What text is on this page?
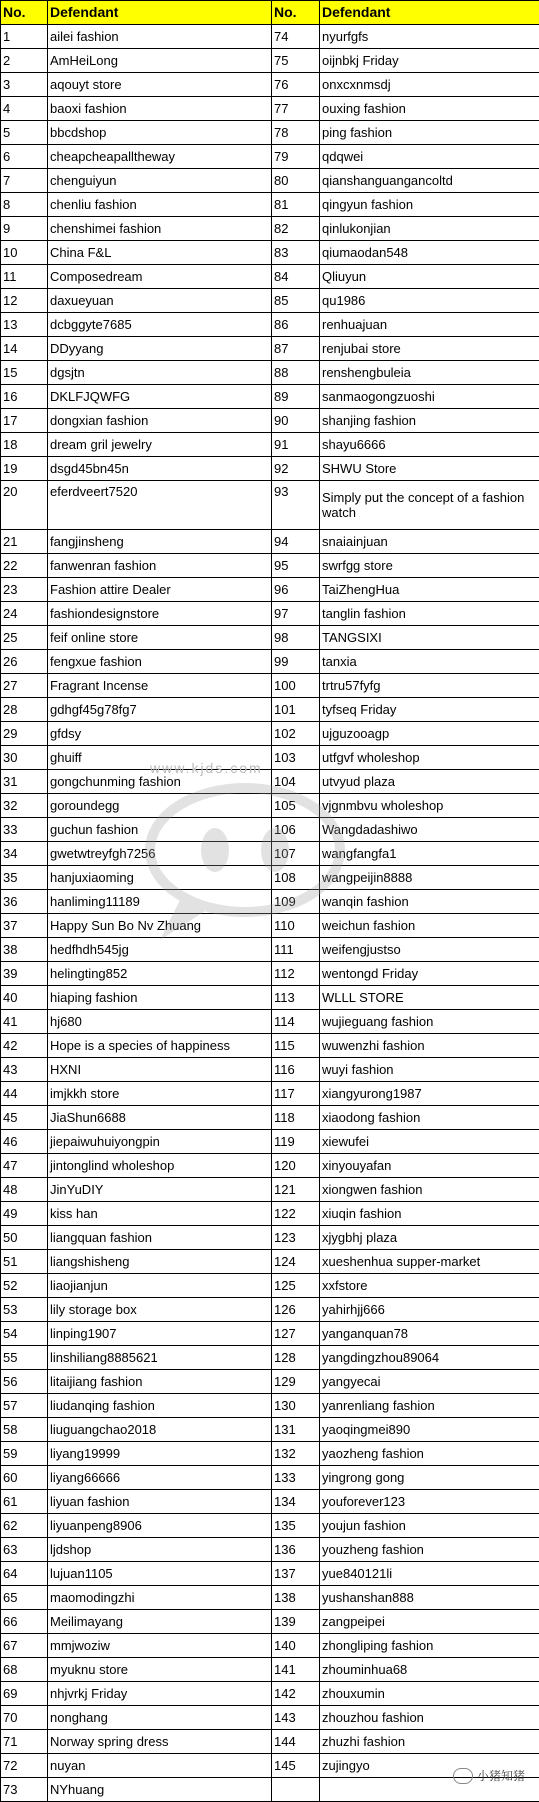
No.	Defendant	No.	Defendant
1	ailei fashion	74	nyurfgfs
2	AmHeiLong	75	oijnbkj Friday
3	aqouyt store	76	onxcxnmsdj
4	baoxi fashion	77	ouxing fashion
5	bbcdshop	78	ping fashion
6	cheapcheapalltheway	79	qdqwei
7	chenguiyun	80	qianshanguangancoltd
8	chenliu fashion	81	qingyun fashion
9	chenshimei fashion	82	qinlukonjian
10	China F&L	83	qiumaodan548
11	Composedream	84	Qliuyun
12	daxueyuan	85	qu1986
13	dcbggyte7685	86	renhuajuan
14	DDyyang	87	renjubai store
15	dgsjtn	88	renshengbuleia
16	DKLFJQWFG	89	sanmaogongzuoshi
17	dongxian fashion	90	shanjing fashion
18	dream gril jewelry	91	shayu6666
19	dsgd45bn45n	92	SHWU Store
20	eferdveert7520	93	Simply put the concept of a fashion watch
21	fangjinsheng	94	snaiainjuan
22	fanwenran fashion	95	swrfgg store
23	Fashion attire Dealer	96	TaiZhengHua
24	fashiondesignstore	97	tanglin fashion
25	feif online store	98	TANGSIXI
26	fengxue fashion	99	tanxia
27	Fragrant Incense	100	trtru57fyfg
28	gdhgf45g78fg7	101	tyfseq Friday
29	gfdsy	102	ujguzooagp
30	ghuiff	103	utfgvf wholeshop
31	gongchunming fashion	104	utvyud plaza
32	goroundegg	105	vjgnmbvu wholeshop
33	guchun fashion	106	Wangdadashiwo
34	gwetwtreyfgh7256	107	wangfangfa1
35	hanjuxiaoming	108	wangpeijin8888
36	hanliming11189	109	wanqin fashion
37	Happy Sun Bo Nv Zhuang	110	weichun fashion
38	hedfhdh545jg	111	weifengjustso
39	helingting852	112	wentongd Friday
40	hiaping fashion	113	WLLL STORE
41	hj680	114	wujieguang fashion
42	Hope is a species of happiness	115	wuwenzhi fashion
43	HXNI	116	wuyi fashion
44	imjkkh store	117	xiangyurong1987
45	JiaShun6688	118	xiaodong fashion
46	jiepaiwuhuiyongpin	119	xiewufei
47	jintonglind wholeshop	120	xinyouyafan
48	JinYuDIY	121	xiongwen fashion
49	kiss han	122	xiuqin fashion
50	liangquan fashion	123	xjygbhj plaza
51	liangshisheng	124	xueshenhua supper-market
52	liaojianjun	125	xxfstore
53	lily storage box	126	yahirhjj666
54	linping1907	127	yanganquan78
55	linshiliang8885621	128	yangdingzhou89064
56	litaijiang fashion	129	yangyecai
57	liudanqing fashion	130	yanrenliang fashion
58	liuguangchao2018	131	yaoqingmei890
59	liyang19999	132	yaozheng fashion
60	liyang66666	133	yingrong gong
61	liyuan fashion	134	youforever123
62	liyuanpeng8906	135	youjun fashion
63	ljdshop	136	youzheng fashion
64	lujuan1105	137	yue840121li
65	maomodingzhi	138	yushanshan888
66	Meilimayang	139	zangpeipei
67	mmjwoziw	140	zhongliping fashion
68	myuknu store	141	zhouminhua68
69	nhjvrkj Friday	142	zhouxumin
70	nonghang	143	zhouzhou fashion
71	Norway spring dress	144	zhuzhi fashion
72	nuyan	145	zujingyo
73	NYhuang		
www.kjds.com
小猪知猪
